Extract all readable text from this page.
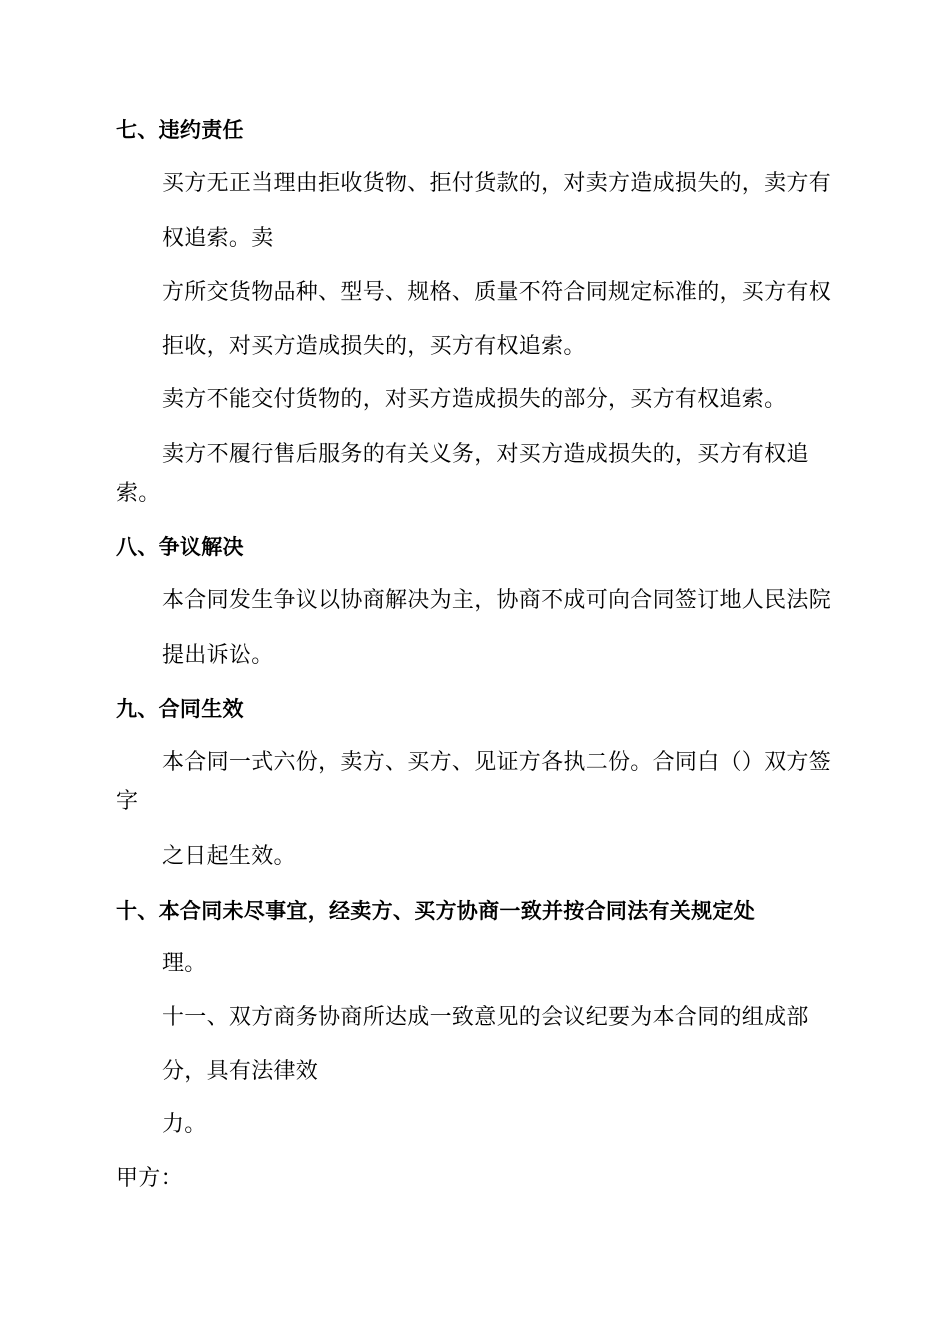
七、违约责任
买方无正当理由拒收货物、拒付货款的，对卖方造成损失的，卖方有
权追索。卖
方所交货物品种、型号、规格、质量不符合同规定标准的，买方有权
拒收，对买方造成损失的，买方有权追索。
卖方不能交付货物的，对买方造成损失的部分，买方有权追索。
卖方不履行售后服务的有关义务，对买方造成损失的，买方有权追
索。
八、争议解决
本合同发生争议以协商解决为主，协商不成可向合同签订地人民法院
提出诉讼。
九、合同生效
本合同一式六份，卖方、买方、见证方各执二份。合同白（）双方签
字
之日起生效。
十、本合同未尽事宜，经卖方、买方协商一致并按合同法有关规定处
理。
十一、双方商务协商所达成一致意见的会议纪要为本合同的组成部
分，具有法律效
力。
甲方：
